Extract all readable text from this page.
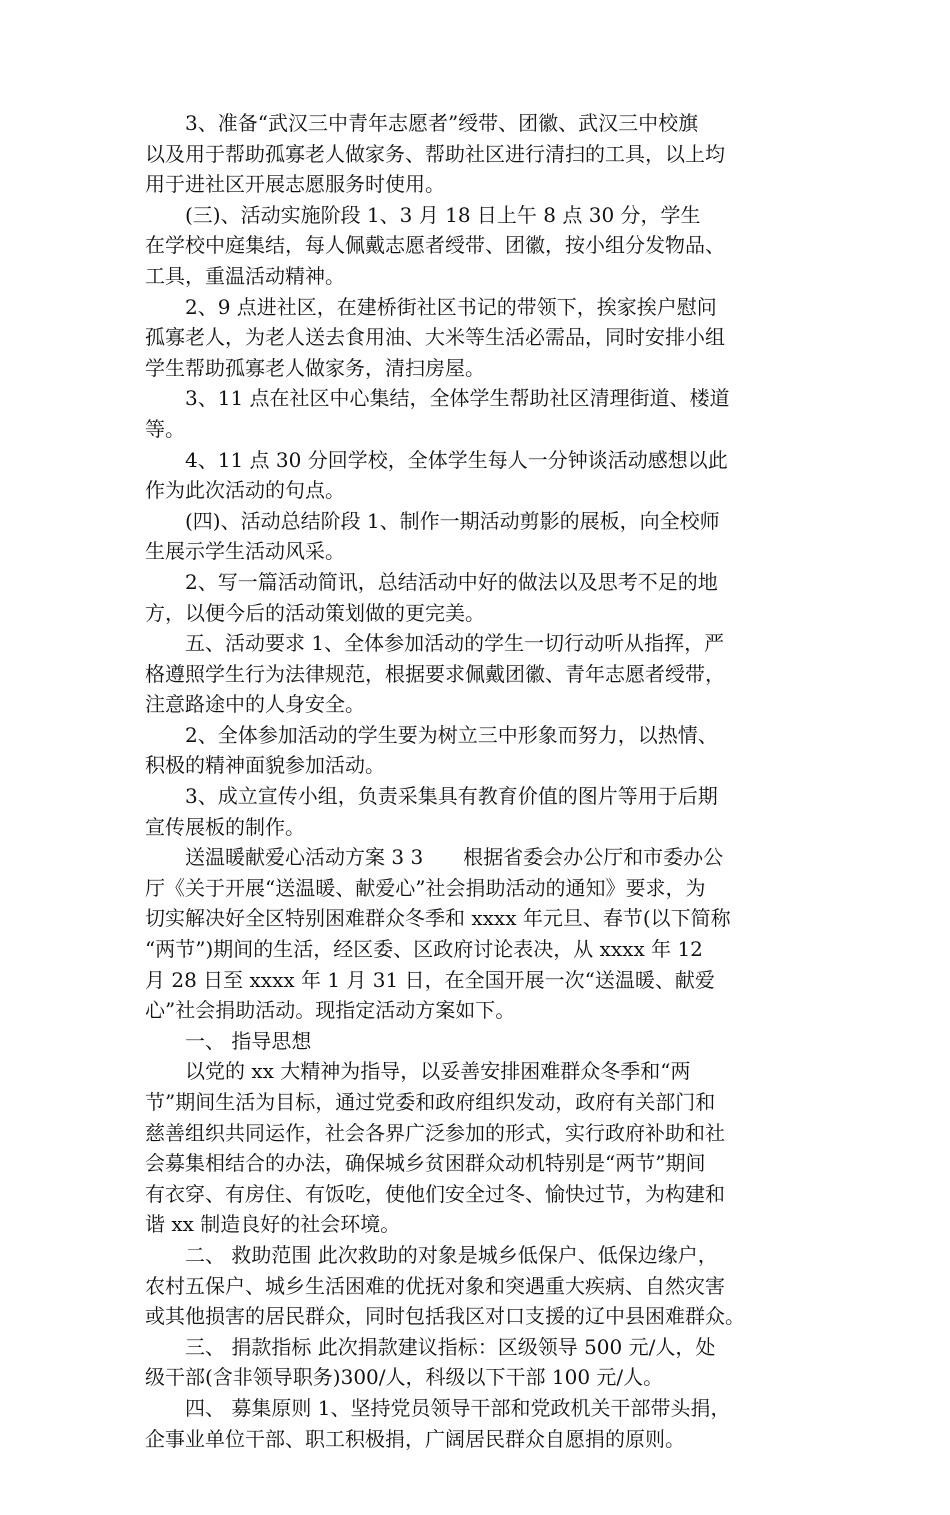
　　3、准备“武汉三中青年志愿者”绶带、团徽、武汉三中校旗
以及用于帮助孤寡老人做家务、帮助社区进行清扫的工具，以上均
用于进社区开展志愿服务时使用。
　　(三)、活动实施阶段 1、3 月 18 日上午 8 点 30 分，学生
在学校中庭集结，每人佩戴志愿者绶带、团徽，按小组分发物品、
工具，重温活动精神。
　　2、9 点进社区，在建桥街社区书记的带领下，挨家挨户慰问
孤寡老人，为老人送去食用油、大米等生活必需品，同时安排小组
学生帮助孤寡老人做家务，清扫房屋。
　　3、11 点在社区中心集结，全体学生帮助社区清理街道、楼道
等。
　　4、11 点 30 分回学校，全体学生每人一分钟谈活动感想以此
作为此次活动的句点。
　　(四)、活动总结阶段 1、制作一期活动剪影的展板，向全校师
生展示学生活动风采。
　　2、写一篇活动简讯，总结活动中好的做法以及思考不足的地
方，以便今后的活动策划做的更完美。
　　五、活动要求 1、全体参加活动的学生一切行动听从指挥，严
格遵照学生行为法律规范，根据要求佩戴团徽、青年志愿者绶带，
注意路途中的人身安全。
　　2、全体参加活动的学生要为树立三中形象而努力，以热情、
积极的精神面貌参加活动。
　　3、成立宣传小组，负责采集具有教育价值的图片等用于后期
宣传展板的制作。
　　送温暖献爱心活动方案 3 3　　根据省委会办公厅和市委办公
厅《关于开展“送温暖、献爱心”社会捐助活动的通知》要求，为
切实解决好全区特别困难群众冬季和 xxxx 年元旦、春节(以下简称
“两节”)期间的生活，经区委、区政府讨论表决，从 xxxx 年 12
月 28 日至 xxxx 年 1 月 31 日，在全国开展一次“送温暖、献爱
心”社会捐助活动。现指定活动方案如下。
　　一、 指导思想
　　以党的 xx 大精神为指导，以妥善安排困难群众冬季和“两
节”期间生活为目标，通过党委和政府组织发动，政府有关部门和
慈善组织共同运作，社会各界广泛参加的形式，实行政府补助和社
会募集相结合的办法，确保城乡贫困群众动机特别是“两节”期间
有衣穿、有房住、有饭吃，使他们安全过冬、愉快过节，为构建和
谐 xx 制造良好的社会环境。
　　二、 救助范围 此次救助的对象是城乡低保户、低保边缘户，
农村五保户、城乡生活困难的优抚对象和突遇重大疾病、自然灾害
或其他损害的居民群众，同时包括我区对口支援的辽中县困难群众。
　　三、 捐款指标 此次捐款建议指标：区级领导 500 元/人，处
级干部(含非领导职务)300/人，科级以下干部 100 元/人。
　　四、 募集原则 1、坚持党员领导干部和党政机关干部带头捐，
企事业单位干部、职工积极捐，广阔居民群众自愿捐的原则。
